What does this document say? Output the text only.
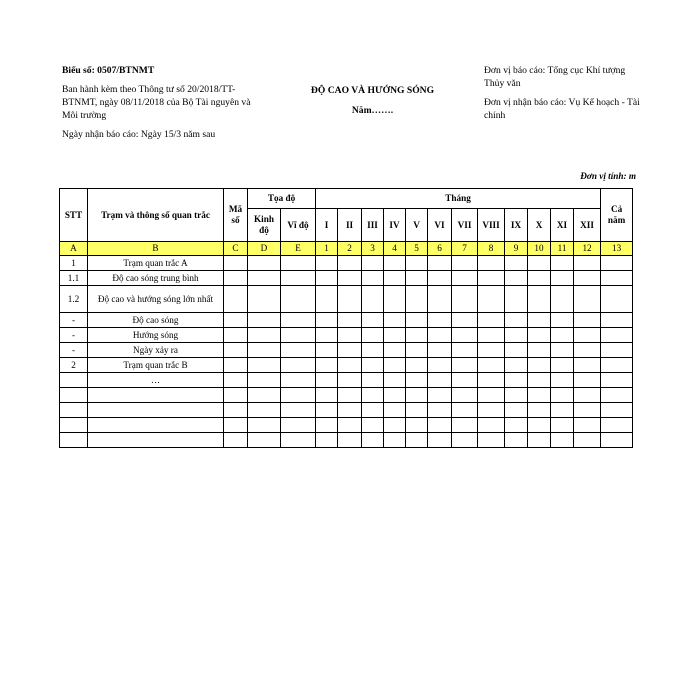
Biểu số: 0507/BTNMT
Ban hành kèm theo Thông tư số 20/2018/TT-BTNMT, ngày 08/11/2018 của Bộ Tài nguyên và Môi trường
Ngày nhận báo cáo: Ngày 15/3 năm sau
ĐỘ CAO VÀ HƯỚNG SÓNG
Năm…….
Đơn vị báo cáo: Tổng cục Khí tượng Thủy văn
Đơn vị nhận báo cáo: Vụ Kế hoạch - Tài chính
Đơn vị tính: m
STT	Trạm và thông số quan trắc	Mã số	Tọa độ		Tháng												Cả năm
			Kinh độ	Vĩ độ	I	II	III	IV	V	VI	VII	VIII	IX	X	XI	XII	
A	B	C	D	E	1	2	3	4	5	6	7	8	9	10	11	12	13
1	Trạm quan trắc A																
1.1	Độ cao sóng trung bình																
1.2	Độ cao và hướng sóng lớn nhất																
-	Độ cao sóng																
-	Hướng sóng																
-	Ngày xảy ra																
2	Trạm quan trắc B																
	…																
